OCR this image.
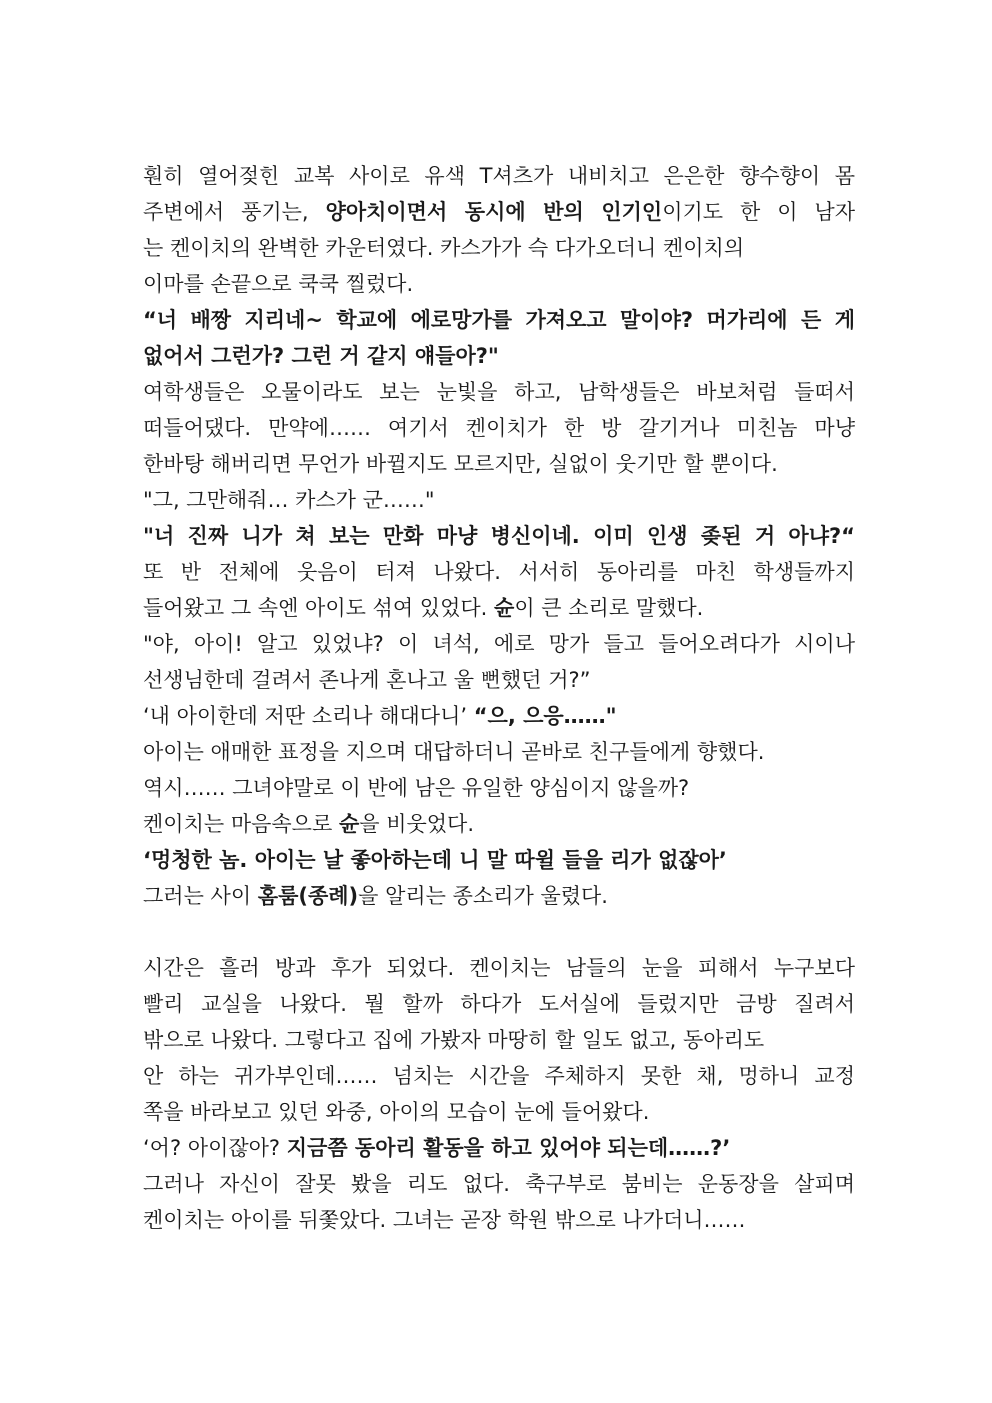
훤히 열어젖힌 교복 사이로 유색 T셔츠가 내비치고 은은한 향수향이 몸
주변에서 풍기는, 양아치이면서 동시에 반의 인기인이기도 한 이 남자
는 켄이치의 완벽한 카운터였다. 카스가가 슥 다가오더니 켄이치의
이마를 손끝으로 쿡쿡 찔렀다.
“너 배짱 지리네~ 학교에 에로망가를 가져오고 말이야? 머가리에 든 게
없어서 그런가? 그런 거 같지 얘들아?"
여학생들은 오물이라도 보는 눈빛을 하고, 남학생들은 바보처럼 들떠서
떠들어댔다. 만약에…… 여기서 켄이치가 한 방 갈기거나 미친놈 마냥
한바탕 해버리면 무언가 바뀔지도 모르지만, 실없이 웃기만 할 뿐이다.
"그, 그만해줘… 카스가 군……"
"너 진짜 니가 쳐 보는 만화 마냥 병신이네. 이미 인생 좆된 거 아냐?“
또 반 전체에 웃음이 터져 나왔다. 서서히 동아리를 마친 학생들까지
들어왔고 그 속엔 아이도 섞여 있었다. 슌이 큰 소리로 말했다.
"야, 아이! 알고 있었냐? 이 녀석, 에로 망가 들고 들어오려다가 시이나
선생님한데 걸려서 존나게 혼나고 울 뻔했던 거?”
‘내 아이한데 저딴 소리나 해대다니’ “으, 으응……"
아이는 애매한 표정을 지으며 대답하더니 곧바로 친구들에게 향했다.
역시…… 그녀야말로 이 반에 남은 유일한 양심이지 않을까?
켄이치는 마음속으로 슌을 비웃었다.
‘멍청한 놈. 아이는 날 좋아하는데 니 말 따윌 들을 리가 없잖아’
그러는 사이 홈룸(종례)을 알리는 종소리가 울렸다.
시간은 흘러 방과 후가 되었다. 켄이치는 남들의 눈을 피해서 누구보다
빨리 교실을 나왔다. 뭘 할까 하다가 도서실에 들렀지만 금방 질려서
밖으로 나왔다. 그렇다고 집에 가봤자 마땅히 할 일도 없고, 동아리도
안 하는 귀가부인데…… 넘치는 시간을 주체하지 못한 채, 멍하니 교정
쪽을 바라보고 있던 와중, 아이의 모습이 눈에 들어왔다.
‘어? 아이잖아? 지금쯤 동아리 활동을 하고 있어야 되는데……?’
그러나 자신이 잘못 봤을 리도 없다. 축구부로 붐비는 운동장을 살피며
켄이치는 아이를 뒤쫓았다. 그녀는 곧장 학원 밖으로 나가더니……
